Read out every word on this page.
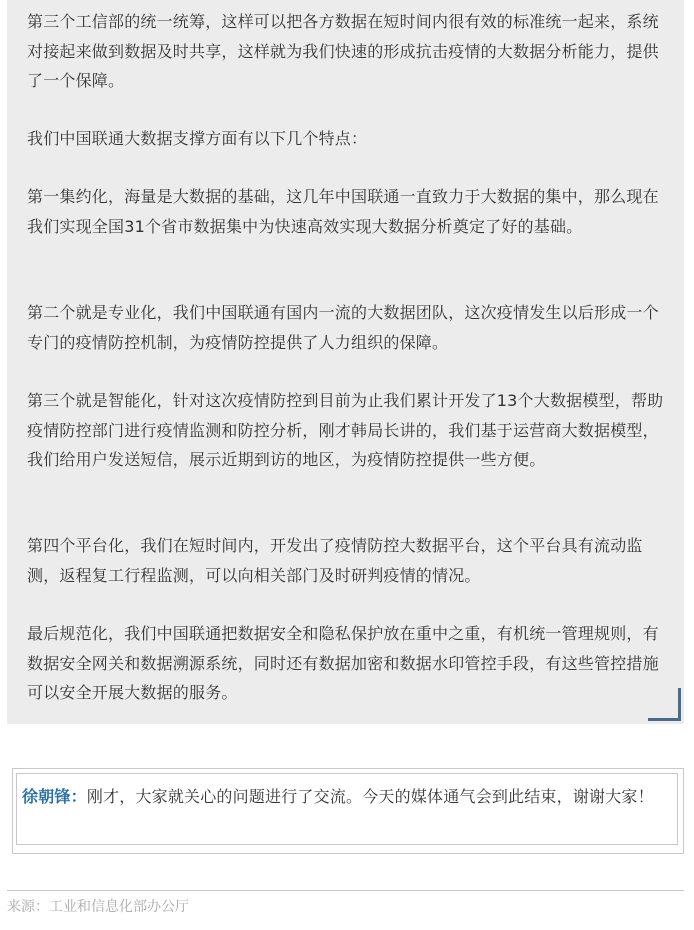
第三个工信部的统一统筹，这样可以把各方数据在短时间内很有效的标准统一起来，系统对接起来做到数据及时共享，这样就为我们快速的形成抗击疫情的大数据分析能力，提供了一个保障。

我们中国联通大数据支撑方面有以下几个特点：

第一集约化，海量是大数据的基础，这几年中国联通一直致力于大数据的集中，那么现在我们实现全国31个省市数据集中为快速高效实现大数据分析奠定了好的基础。

第二个就是专业化，我们中国联通有国内一流的大数据团队，这次疫情发生以后形成一个专门的疫情防控机制，为疫情防控提供了人力组织的保障。

第三个就是智能化，针对这次疫情防控到目前为止我们累计开发了13个大数据模型，帮助疫情防控部门进行疫情监测和防控分析，刚才韩局长讲的，我们基于运营商大数据模型，我们给用户发送短信，展示近期到访的地区，为疫情防控提供一些方便。

第四个平台化，我们在短时间内，开发出了疫情防控大数据平台，这个平台具有流动监测，返程复工行程监测，可以向相关部门及时研判疫情的情况。

最后规范化，我们中国联通把数据安全和隐私保护放在重中之重，有机统一管理规则，有数据安全网关和数据溯源系统，同时还有数据加密和数据水印管控手段，有这些管控措施可以安全开展大数据的服务。

徐朝锋：刚才，大家就关心的问题进行了交流。今天的媒体通气会到此结束，谢谢大家！

来源：工业和信息化部办公厅
